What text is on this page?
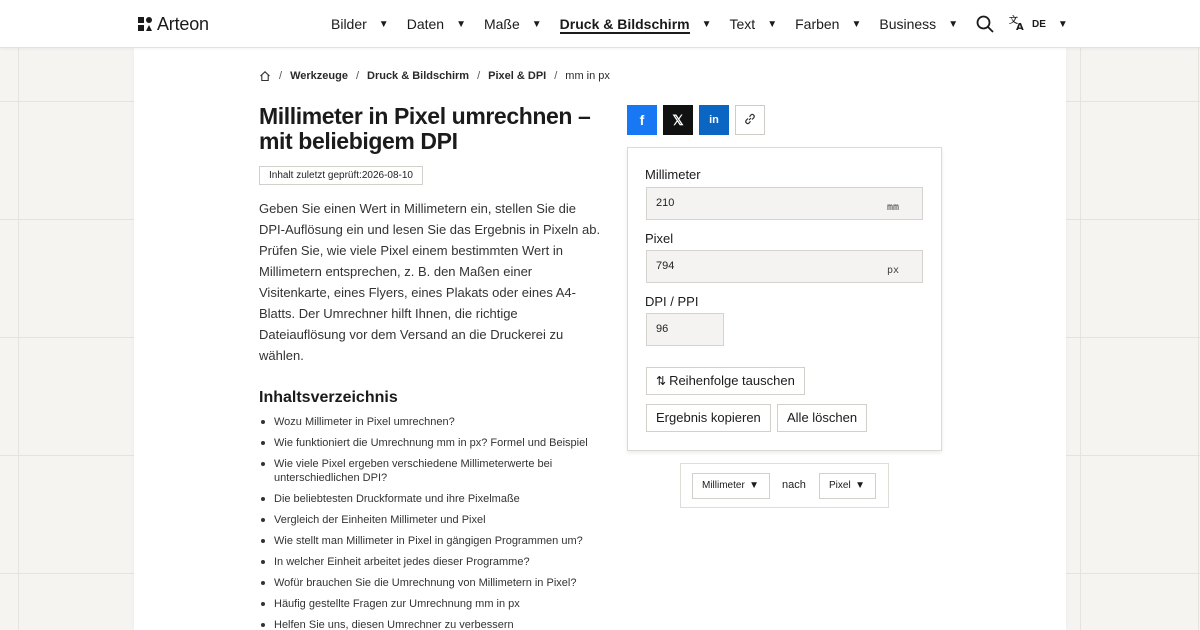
Arteon	Bilder ▼ Daten ▼ Maße ▼ Druck & Bildschirm ▼ Text ▼ Farben ▼ Business ▼	文
A DE ▼
/ Werkzeuge / Druck & Bildschirm / Pixel & DPI / mm in px
Millimeter in Pixel umrechnen – mit beliebigem DPI
Inhalt zuletzt geprüft:2026-08-10

Geben Sie einen Wert in Millimetern ein, stellen Sie die DPI-Auflösung ein und lesen Sie das Ergebnis in Pixeln ab. Prüfen Sie, wie viele Pixel einem bestimmten Wert in Millimetern entsprechen, z. B. den Maßen einer Visitenkarte, eines Flyers, eines Plakats oder eines A4-Blatts. Der Umrechner hilft Ihnen, die richtige Dateiauflösung vor dem Versand an die Druckerei zu wählen.

Inhaltsverzeichnis
Wozu Millimeter in Pixel umrechnen?
Wie funktioniert die Umrechnung mm in px? Formel und Beispiel
Wie viele Pixel ergeben verschiedene Millimeterwerte bei unterschiedlichen DPI?
Die beliebtesten Druckformate und ihre Pixelmaße
Vergleich der Einheiten Millimeter und Pixel
Wie stellt man Millimeter in Pixel in gängigen Programmen um?
In welcher Einheit arbeitet jedes dieser Programme?
Wofür brauchen Sie die Umrechnung von Millimetern in Pixel?
Häufig gestellte Fragen zur Umrechnung mm in px
Helfen Sie uns, diesen Umrechner zu verbessern
f 𝕏 in
Millimeter
210	mm
Pixel
794	px
DPI / PPI
96
⇅ Reihenfolge tauschen
Ergebnis kopieren	Alle löschen
Millimeter ▼ nach	Pixel ▼
